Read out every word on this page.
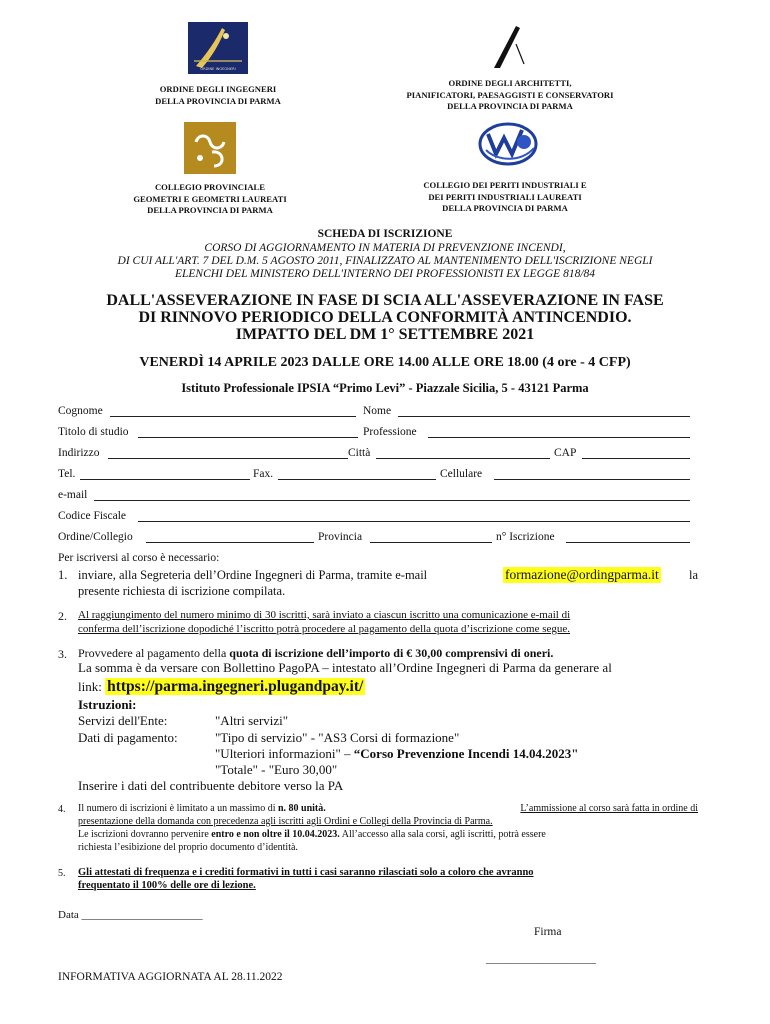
ORDINE INGEGNERI
ORDINE DEGLI INGEGNERI
DELLA PROVINCIA DI PARMA
ORDINE DEGLI ARCHITETTI,
PIANIFICATORI, PAESAGGISTI E CONSERVATORI
DELLA PROVINCIA DI PARMA
COLLEGIO PROVINCIALE
GEOMETRI E GEOMETRI LAUREATI
DELLA PROVINCIA DI PARMA
COLLEGIO DEI PERITI INDUSTRIALI E
DEI PERITI INDUSTRIALI LAUREATI
DELLA PROVINCIA DI PARMA
SCHEDA DI ISCRIZIONE
CORSO DI AGGIORNAMENTO IN MATERIA DI PREVENZIONE INCENDI,
DI CUI ALL'ART. 7 DEL D.M. 5 AGOSTO 2011, FINALIZZATO AL MANTENIMENTO DELL'ISCRIZIONE NEGLI
ELENCHI DEL MINISTERO DELL'INTERNO DEI PROFESSIONISTI EX LEGGE 818/84
DALL'ASSEVERAZIONE IN FASE DI SCIA ALL'ASSEVERAZIONE IN FASE
DI RINNOVO PERIODICO DELLA CONFORMITÀ ANTINCENDIO.
IMPATTO DEL DM 1° SETTEMBRE 2021
VENERDÌ 14 APRILE 2023 DALLE ORE 14.00 ALLE ORE 18.00 (4 ore - 4 CFP)
Istituto Professionale IPSIA “Primo Levi” - Piazzale Sicilia, 5 - 43121 Parma
Cognome	Nome
Titolo di studio	Professione
Indirizzo	Città	CAP
Tel.	Fax.	Cellulare
e-mail
Codice Fiscale
Ordine/Collegio	Provincia	n° Iscrizione
Per iscriversi al corso è necessario:
1. inviare, alla Segreteria dell’Ordine Ingegneri di Parma, tramite e-mail	formazione@ordingparma.it la
presente richiesta di iscrizione compilata.
2. Al raggiungimento del numero minimo di 30 iscritti, sarà inviato a ciascun iscritto una comunicazione e-mail di
conferma dell’iscrizione dopodiché l’iscritto potrà procedere al pagamento della quota d’iscrizione come segue.
3. Provvedere al pagamento della quota di iscrizione dell’importo di € 30,00 comprensivi di oneri.
La somma è da versare con Bollettino PagoPA – intestato all’Ordine Ingegneri di Parma da generare al
link: https://parma.ingegneri.plugandpay.it/
Istruzioni:
Servizi dell'Ente:	"Altri servizi"
Dati di pagamento:	"Tipo di servizio" - "AS3 Corsi di formazione"
"Ulteriori informazioni" – “Corso Prevenzione Incendi 14.04.2023"
"Totale" - "Euro 30,00"
Inserire i dati del contribuente debitore verso la PA
4. Il numero di iscrizioni è limitato a un massimo di n. 80 unità.	L’ammissione al corso sarà fatta in ordine di
presentazione della domanda con precedenza agli iscritti agli Ordini e Collegi della Provincia di Parma.
Le iscrizioni dovranno pervenire entro e non oltre il 10.04.2023. All’accesso alla sala corsi, agli iscritti, potrà essere
richiesta l’esibizione del proprio documento d’identità.
5. Gli attestati di frequenza e i crediti formativi in tutti i casi saranno rilasciati solo a coloro che avranno
frequentato il 100% delle ore di lezione.
Data ______________________
Firma
____________________
INFORMATIVA AGGIORNATA AL 28.11.2022
